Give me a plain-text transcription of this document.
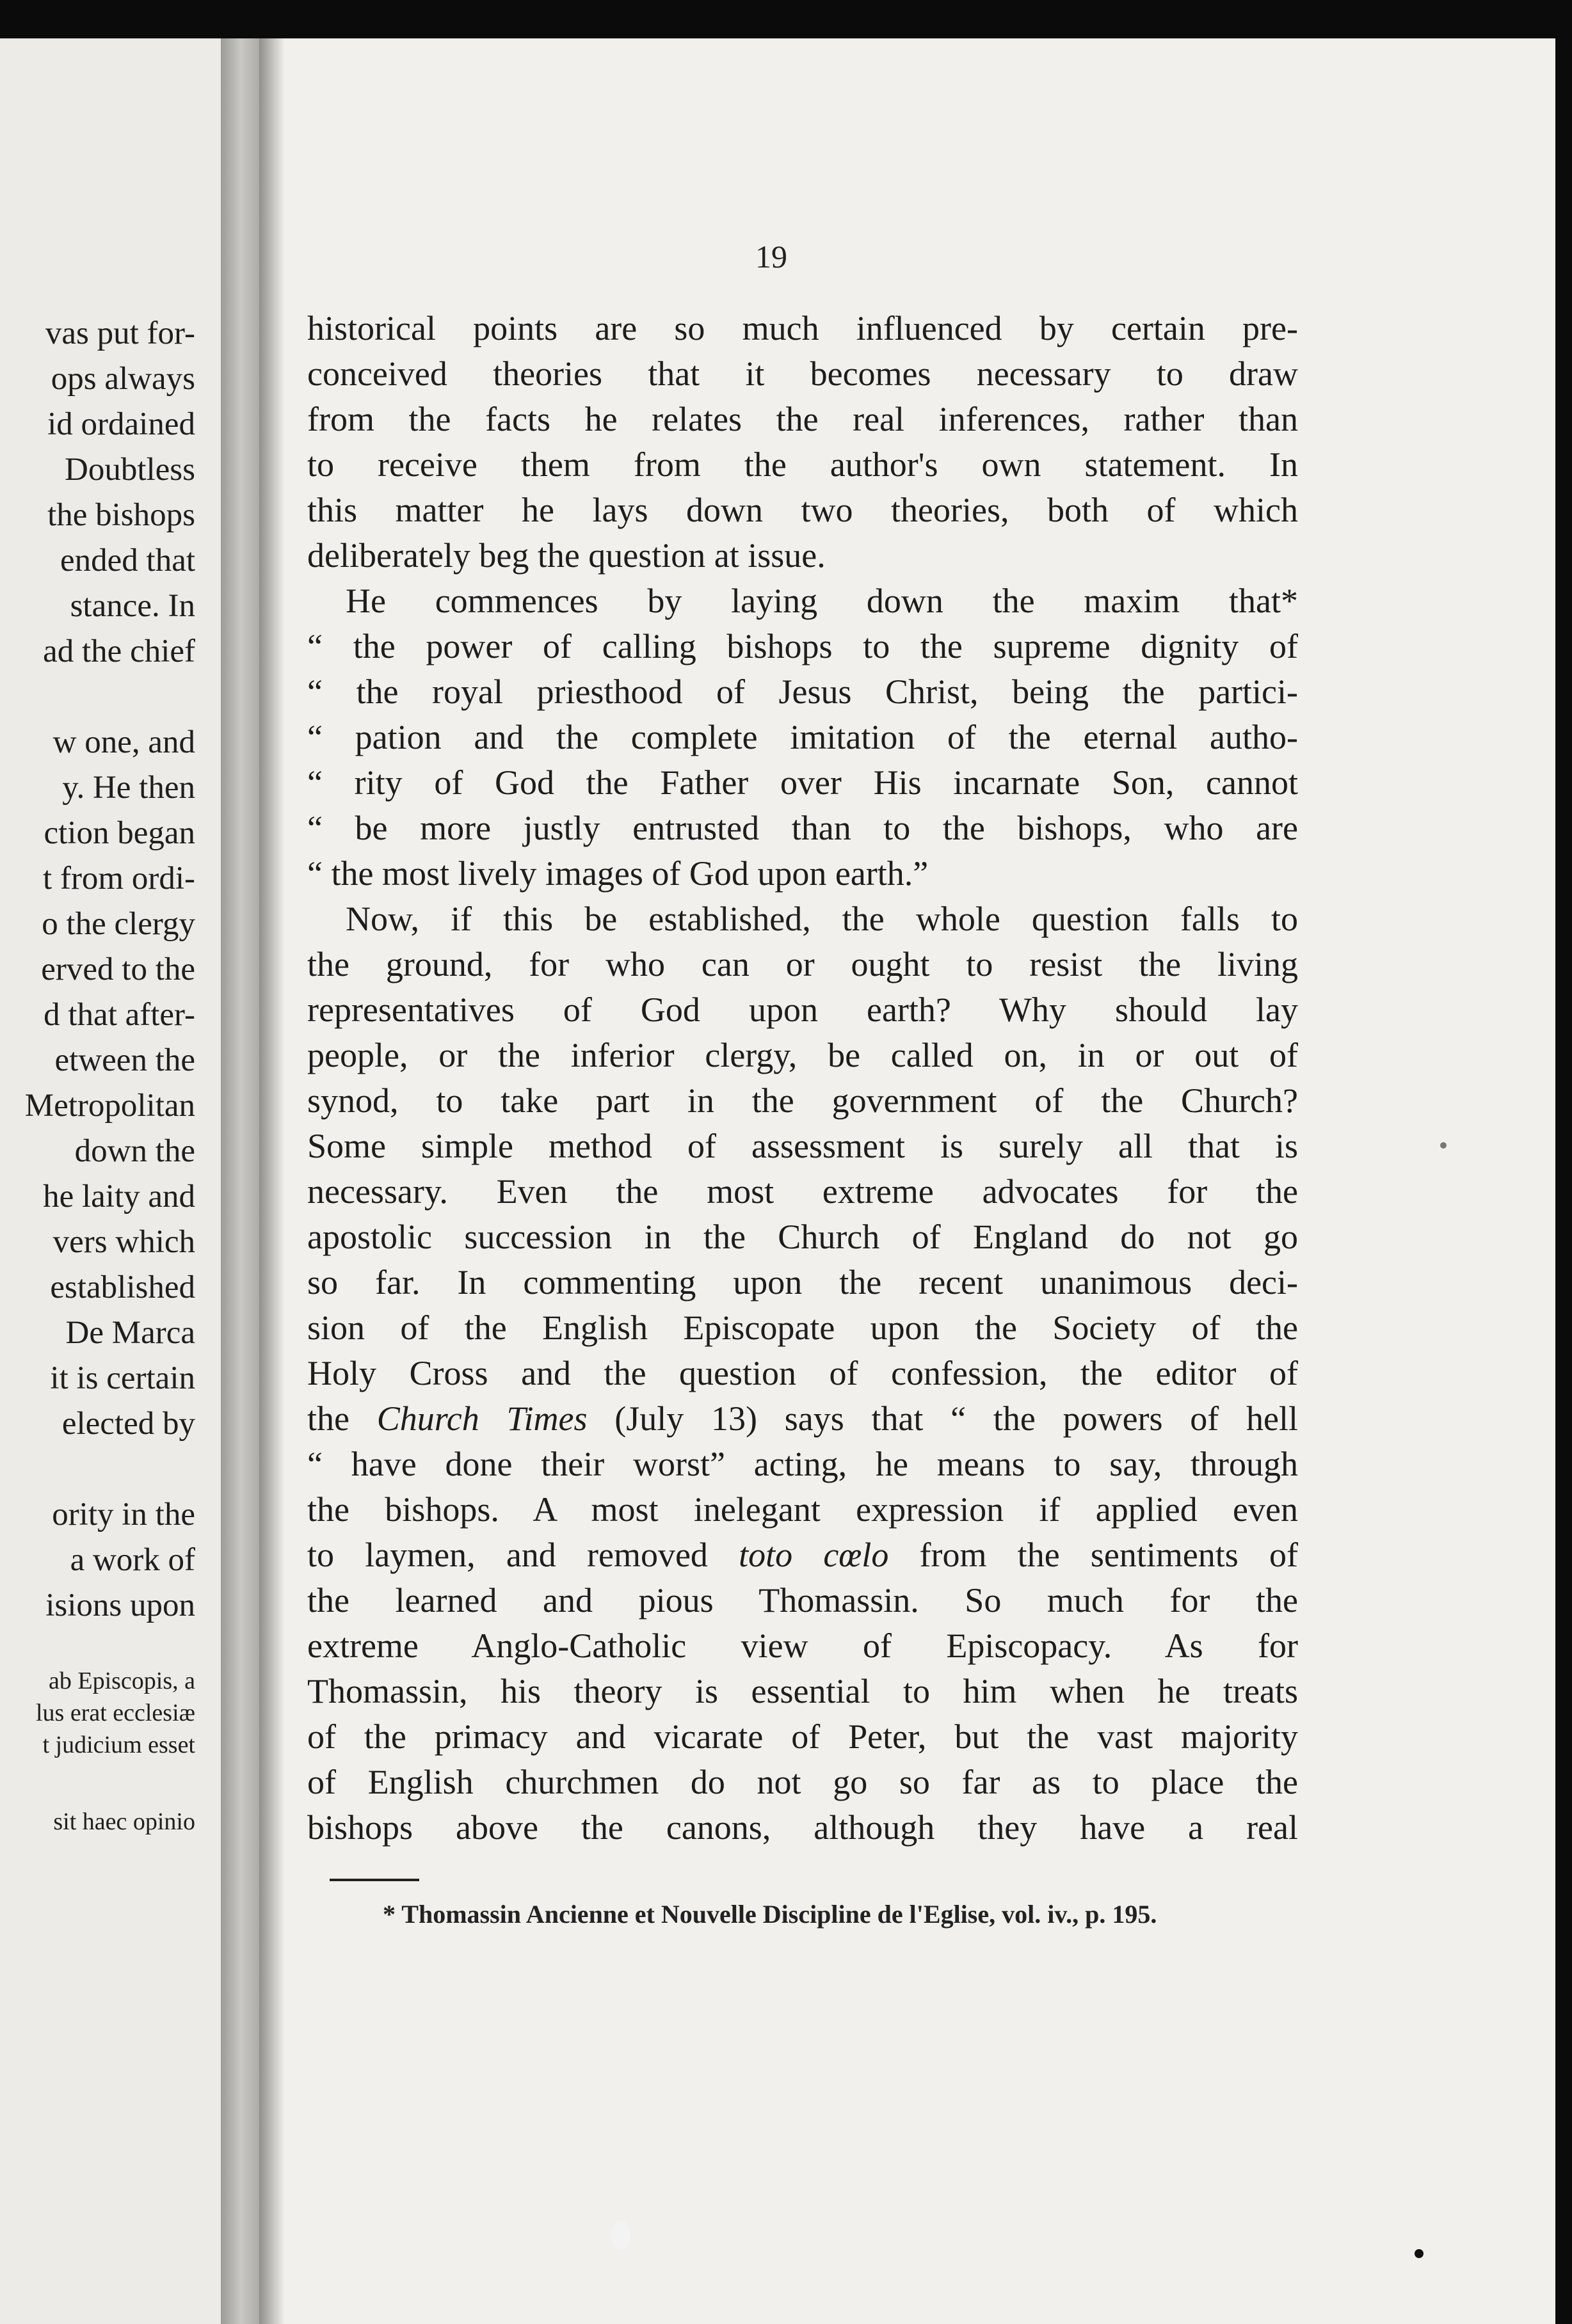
vas put for-
ops always
id ordained
Doubtless
the bishops
ended that
stance. In
ad the chief
w one, and
y. He then
ction began
t from ordi-
o the clergy
erved to the
d that after-
etween the
Metropolitan
down the
he laity and
vers which
established
De Marca
it is certain
elected by
ority in the
a work of
isions upon
ab Episcopis, a
lus erat ecclesiæ
t judicium esset
sit haec opinio
19
historical points are so much influenced by certain pre-
conceived theories that it becomes necessary to draw
from the facts he relates the real inferences, rather than
to receive them from the author's own statement. In
this matter he lays down two theories, both of which
deliberately beg the question at issue.
He commences by laying down the maxim that*
“ the power of calling bishops to the supreme dignity of
“ the royal priesthood of Jesus Christ, being the partici-
“ pation and the complete imitation of the eternal autho-
“ rity of God the Father over His incarnate Son, cannot
“ be more justly entrusted than to the bishops, who are
“ the most lively images of God upon earth.”
Now, if this be established, the whole question falls to
the ground, for who can or ought to resist the living
representatives of God upon earth? Why should lay
people, or the inferior clergy, be called on, in or out of
synod, to take part in the government of the Church?
Some simple method of assessment is surely all that is
necessary. Even the most extreme advocates for the
apostolic succession in the Church of England do not go
so far. In commenting upon the recent unanimous deci-
sion of the English Episcopate upon the Society of the
Holy Cross and the question of confession, the editor of
the Church Times (July 13) says that “ the powers of hell
“ have done their worst” acting, he means to say, through
the bishops. A most inelegant expression if applied even
to laymen, and removed toto cœlo from the sentiments of
the learned and pious Thomassin. So much for the
extreme Anglo-Catholic view of Episcopacy. As for
Thomassin, his theory is essential to him when he treats
of the primacy and vicarate of Peter, but the vast majority
of English churchmen do not go so far as to place the
bishops above the canons, although they have a real
* Thomassin Ancienne et Nouvelle Discipline de l'Eglise, vol. iv., p. 195.
